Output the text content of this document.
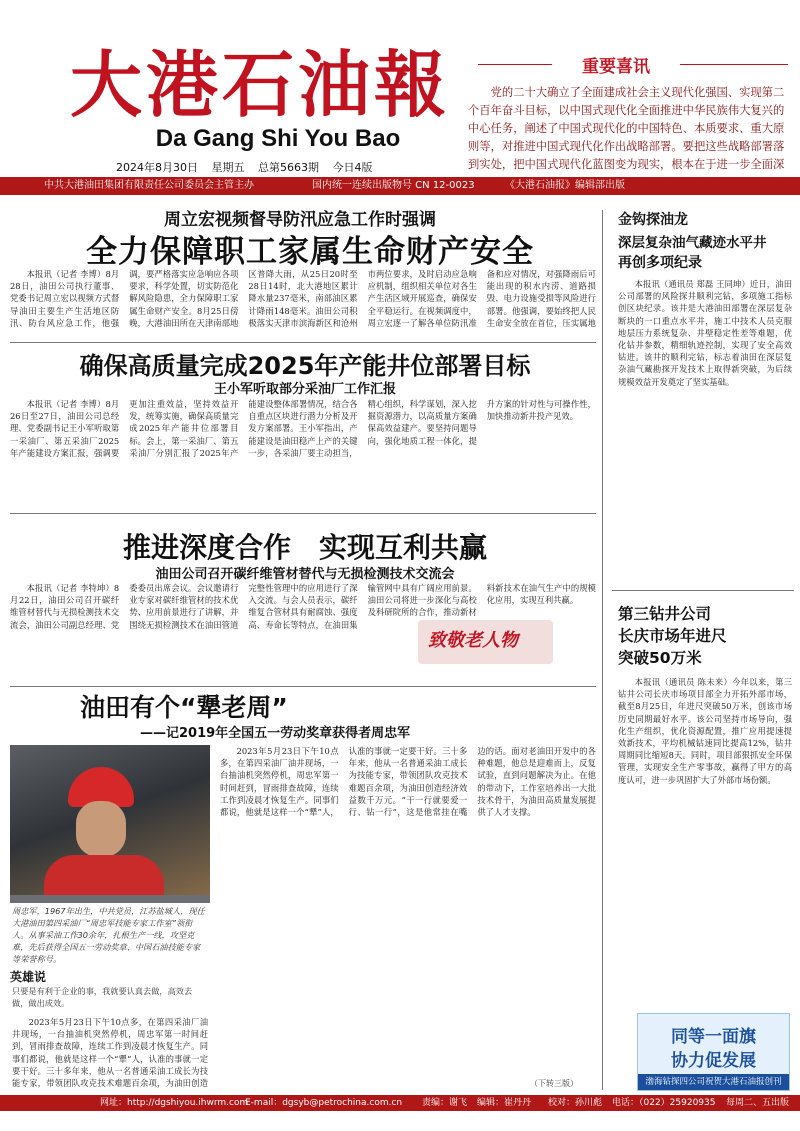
大港石油報
Da Gang Shi You Bao
2024年8月30日 星期五 总第5663期 今日4版
中共大港油田集团有限责任公司委员会主管主办	国内统一连续出版物号 CN 12-0023	《大港石油报》编辑部出版
重要喜讯
党的二十大确立了全面建成社会主义现代化强国、实现第二个百年奋斗目标，以中国式现代化全面推进中华民族伟大复兴的中心任务，阐述了中国式现代化的中国特色、本质要求、重大原则等，对推进中国式现代化作出战略部署。要把这些战略部署落到实处，把中国式现代化蓝图变为现实，根本在于进一步全面深
周立宏视频督导防汛应急工作时强调
全力保障职工家属生命财产安全

本报讯（记者 李博）8月28日，油田公司执行董事、党委书记周立宏以视频方式督导油田主要生产生活地区防汛、防台风应急工作，他强调，要严格落实应急响应各项要求，科学处置，切实防范化解风险隐患，全力保障职工家属生命财产安全。8月25日傍晚，大港油田所在天津南部地区普降大雨，从25日20时至28日14时，北大港地区累计降水量237毫米，南部油区累计降雨148毫米。油田公司积极落实天津市滨海新区和沧州市两位要求，及时启动应急响应机制，组织相关单位对各生产生活区域开展巡查，确保安全平稳运行。在视频调度中，周立宏逐一了解各单位防汛准备和应对情况，对强降雨后可能出现的积水内涝、道路损毁、电力设施受损等风险进行部署。他强调，要始终把人民生命安全放在首位，压实属地

确保高质量完成2025年产能井位部署目标
王小军听取部分采油厂工作汇报

本报讯（记者 李博）8月26日至27日，油田公司总经理、党委副书记王小军听取第一采油厂、第五采油厂2025年产能建设方案汇报，强调要更加注重效益，坚持效益开发，统筹实施，确保高质量完成2025年产能井位部署目标。会上，第一采油厂、第五采油厂分别汇报了2025年产能建设整体部署情况，结合各自重点区块进行潜力分析及开发方案部署。王小军指出，产能建设是油田稳产上产的关键一步，各采油厂要主动担当，精心组织，科学谋划，深入挖掘资源潜力，以高质量方案确保高效益建产。要坚持问题导向，强化地质工程一体化，提升方案的针对性与可操作性，加快推动新井投产见效。

推进深度合作　实现互利共赢
油田公司召开碳纤维管材替代与无损检测技术交流会

本报讯（记者 李特坤）8月22日，油田公司召开碳纤维管材替代与无损检测技术交流会，油田公司副总经理、党委委员出席会议。会议邀请行业专家对碳纤维管材的技术优势、应用前景进行了讲解，并围绕无损检测技术在油田管道完整性管理中的应用进行了深入交流。与会人员表示，碳纤维复合管材具有耐腐蚀、强度高、寿命长等特点，在油田集输管网中具有广阔应用前景。油田公司将进一步深化与高校及科研院所的合作，推动新材料新技术在油气生产中的规模化应用，实现互利共赢。

油田有个“犟老周”
——记2019年全国五一劳动奖章获得者周忠军
致敬老人物
周忠军，1967年出生，中共党员，江苏盐城人，现任大港油田第四采油厂“周忠军技能专家工作室”领衔人。从事采油工作30余年，扎根生产一线，攻坚克难，先后获得全国五一劳动奖章、中国石油技能专家等荣誉称号。
英雄说
只要是有利于企业的事，我就要认真去做，高效去做，做出成效。

2023年5月23日下午10点多，在第四采油厂油井现场，一台抽油机突然停机，周忠军第一时间赶到，冒雨排查故障，连续工作到凌晨才恢复生产。同事们都说，他就是这样一个“犟”人，认准的事就一定要干好。三十多年来，他从一名普通采油工成长为技能专家，带领团队攻克技术难题百余项，为油田创造

2023年5月23日下午10点多，在第四采油厂油井现场，一台抽油机突然停机，周忠军第一时间赶到，冒雨排查故障，连续工作到凌晨才恢复生产。同事们都说，他就是这样一个“犟”人，认准的事就一定要干好。三十多年来，他从一名普通采油工成长为技能专家，带领团队攻克技术难题百余项，为油田创造经济效益数千万元。“干一行就要爱一行、钻一行”，这是他常挂在嘴边的话。面对老油田开发中的各种难题，他总是迎难而上，反复试验，直到问题解决为止。在他的带动下，工作室培养出一大批技术骨干，为油田高质量发展提供了人才支撑。

（下转三版）
金钩探油龙
深层复杂油气藏迹水平井
再创多项纪录

本报讯（通讯员 郑磊 王同坤）近日，油田公司部署的风险探井顺利完钻，多项施工指标创区块纪录。该井是大港油田部署在深层复杂断块的一口重点水平井，施工中技术人员克服地层压力系统复杂、井壁稳定性差等难题，优化钻井参数，精细轨迹控制，实现了安全高效钻进。该井的顺利完钻，标志着油田在深层复杂油气藏勘探开发技术上取得新突破，为后续规模效益开发奠定了坚实基础。

第三钻井公司
长庆市场年进尺
突破50万米

本报讯（通讯员 陈未来）今年以来，第三钻井公司长庆市场项目部全力开拓外部市场，截至8月25日，年进尺突破50万米，创该市场历史同期最好水平。该公司坚持市场导向，强化生产组织，优化资源配置，推广应用提速提效新技术，平均机械钻速同比提高12%，钻井周期同比缩短8天。同时，项目部狠抓安全环保管理，实现安全生产零事故，赢得了甲方的高度认可，进一步巩固扩大了外部市场份额。

同等一面旗
协力促发展
渤海钻探四公司祝贺大港石油报创刊
网址：http://dgshiyou.ihwrm.com
E-mail：dgsyb@petrochina.com.cn 责编：谢飞 编辑：崔丹丹 校对：孙川彪 电话：（022）25920935 每周二、五出版
